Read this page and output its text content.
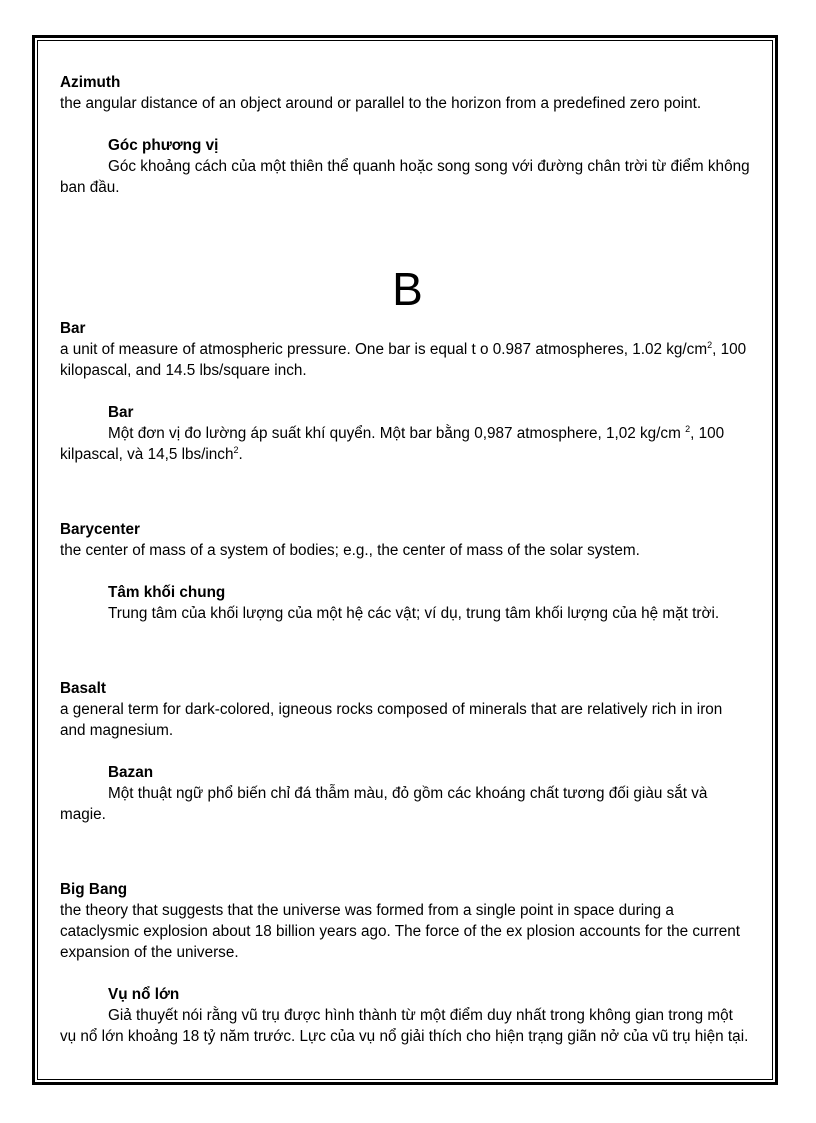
Azimuth

the angular distance of an object around or parallel to the horizon from a predefined zero point.

Góc phương vị

Góc khoảng cách của một thiên thể quanh hoặc song song với đường chân trời từ điểm không ban đầu.

B
Bar

a unit of measure of atmospheric pressure. One bar is equal t o 0.987 atmospheres, 1.02 $kg/cm^2$, 100 kilopascal, and 14.5 lbs/square inch.

Bar

Một đơn vị đo lường áp suất khí quyển. Một bar bằng 0,987 atmosphere, 1,02 kg/cm $^2$, 100 kilpascal, và 14,5 lbs/inch$^2$.

Barycenter

the center of mass of a system of bodies; e.g., the center of mass of the solar system.

Tâm khối chung

Trung tâm của khối lượng của một hệ các vật; ví dụ, trung tâm khối lượng của hệ mặt trời.

Basalt

a general term for dark-colored, igneous rocks composed of minerals that are relatively rich in iron and magnesium.

Bazan

Một thuật ngữ phổ biến chỉ đá thẫm màu, đỏ gồm các khoáng chất tương đối giàu sắt và magie.

Big Bang

the theory that suggests that the universe was formed from a single point in space during a cataclysmic explosion about 18 billion years ago. The force of the ex plosion accounts for the current expansion of the universe.

Vụ nổ lớn

Giả thuyết nói rằng vũ trụ được hình thành từ một điểm duy nhất trong không gian trong một vụ nổ lớn khoảng 18 tỷ năm trước. Lực của vụ nổ giải thích cho hiện trạng giãn nở của vũ trụ hiện tại.
